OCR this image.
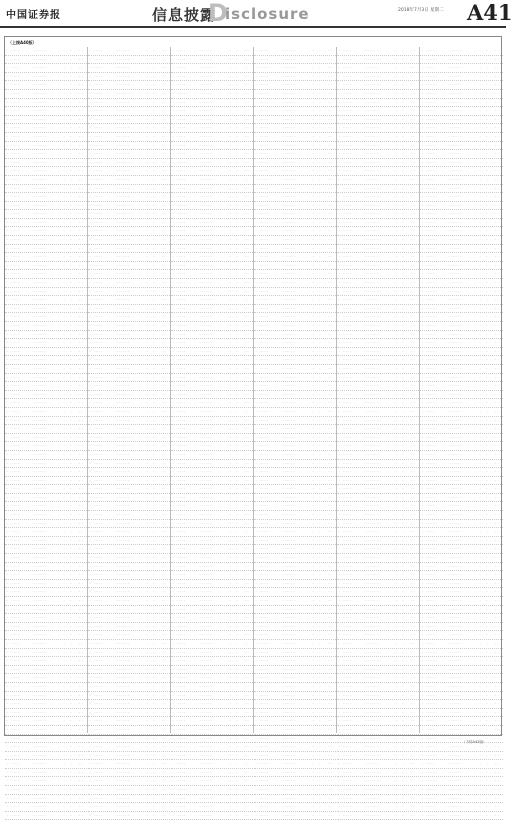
中国证券报	信息披露
D
isclosure	2018年7月3日 星期二 A41
（上接A40版）
··	·· ·· ·· ··	·· ·· ·· ·· ·· ··	··	··	·· ··
··	·· ·· ·· ··	·· ·· ·· ·· ·· ··	··	··	·· ··
··	·· ·· ·· ··	·· ·· ·· ·· ·· ··	··	··	·· ··
··	·· ·· ·· ··	·· ·· ·· ·· ·· ··	··	··	·· ··
··	·· ·· ·· ··	·· ·· ·· ·· ·· ··	··	··	·· ··
··	·· ·· ·· ··	·· ·· ·· ·· ·· ··	··	··	·· ··
··	·· ·· ·· ··	·· ·· ·· ·· ·· ··	··	··	·· ··
··	·· ·· ·· ··	·· ·· ·· ·· ·· ··	··	··	·· ··
··	·· ·· ·· ··	·· ·· ·· ·· ·· ··	··	··	·· ··
··	·· ·· ·· ··	·· ·· ·· ·· ·· ··	··	··	·· ··
··	·· ·· ·· ··	·· ·· ·· ·· ·· ··	··	··	·· ··
··	·· ·· ·· ··	·· ·· ·· ·· ·· ··	··	··	·· ··
··	·· ·· ·· ··	·· ·· ·· ·· ·· ··	··	··	·· ··
··	·· ·· ·· ··	·· ·· ·· ·· ·· ··	··	··	·· ··
··	·· ·· ·· ··	·· ·· ·· ·· ·· ··	··	··	·· ··
··	·· ·· ·· ··	·· ·· ·· ·· ·· ··	··	··	·· ··
··	·· ·· ·· ··	·· ·· ·· ·· ·· ··	··	··	·· ··
··	·· ·· ·· ··	·· ·· ·· ·· ·· ··	··	··	·· ··
··	·· ·· ·· ··	·· ·· ·· ·· ·· ··	··	··	·· ··
··	·· ·· ·· ··	·· ·· ·· ·· ·· ··	··	··	·· ··
··	·· ·· ·· ··	·· ·· ·· ·· ·· ··	··	··	·· ··
··	·· ·· ·· ··	·· ·· ·· ·· ·· ··	··	··	·· ··
··	·· ·· ·· ··	·· ·· ·· ·· ·· ··	··	··	·· ··
··	·· ·· ·· ··	·· ·· ·· ·· ·· ··	··	··	·· ··
··	·· ·· ·· ··	·· ·· ·· ·· ·· ··	··	··	·· ··
··	·· ·· ·· ··	·· ·· ·· ·· ·· ··	··	··	·· ··
··	·· ·· ·· ··	·· ·· ·· ·· ·· ··	··	··	·· ··
··	·· ·· ·· ··	·· ·· ·· ·· ·· ··	··	··	·· ··
··	·· ·· ·· ··	·· ·· ·· ·· ·· ··	··	··	·· ··
··	·· ·· ·· ··	·· ·· ·· ·· ·· ··	··	··	·· ··
··	·· ·· ·· ··	·· ·· ·· ·· ·· ··	··	··	·· ··
··	·· ·· ·· ··	·· ·· ·· ·· ·· ··	··	··	·· ··
··	·· ·· ·· ··	·· ·· ·· ·· ·· ··	··	··	·· ··
··	·· ·· ·· ··	·· ·· ·· ·· ·· ··	··	··	·· ··
··	·· ·· ·· ··	·· ·· ·· ·· ·· ··	··	··	·· ··
··	·· ·· ·· ··	·· ·· ·· ·· ·· ··	··	··	·· ··
··	·· ·· ·· ··	·· ·· ·· ·· ·· ··	··	··	·· ··
··	·· ·· ·· ··	·· ·· ·· ·· ·· ··	··	··	·· ··
··	·· ·· ·· ··	·· ·· ·· ·· ·· ··	··	··	·· ··
··	·· ·· ·· ··	·· ·· ·· ·· ·· ··	··	··	·· ··
··	·· ·· ·· ··	·· ·· ·· ·· ·· ··	··	··	·· ··
··	·· ·· ·· ··	·· ·· ·· ·· ·· ··	··	··	·· ··
··	·· ·· ·· ··	·· ·· ·· ·· ·· ··	··	··	·· ··
··	·· ·· ·· ··	·· ·· ·· ·· ·· ··	··	··	·· ··
··	·· ·· ·· ··	·· ·· ·· ·· ·· ··	··	··	·· ··
··	·· ·· ·· ··	·· ·· ·· ·· ·· ··	··	··	·· ··
··	·· ·· ·· ··	·· ·· ·· ·· ·· ··	··	··	·· ··
··	·· ·· ·· ··	·· ·· ·· ·· ·· ··	··	··	·· ··
··	·· ·· ·· ··	·· ·· ·· ·· ·· ··	··	··	·· ··
··	·· ·· ·· ··	·· ·· ·· ·· ·· ··	··	··	·· ··
··	·· ·· ·· ··	·· ·· ·· ·· ·· ··	··	··	·· ··
··	·· ·· ·· ··	·· ·· ·· ·· ·· ··	··	··	·· ··
··	·· ·· ·· ··	·· ·· ·· ·· ·· ··	··	··	·· ··
··	·· ·· ·· ··	·· ·· ·· ·· ·· ··	··	··	·· ··
··	·· ·· ·· ··	·· ·· ·· ·· ·· ··	··	··	·· ··
··	·· ·· ·· ··	·· ·· ·· ·· ·· ··	··	··	·· ··
··	·· ·· ·· ··	·· ·· ·· ·· ·· ··	··	··	·· ··
··	·· ·· ·· ··	·· ·· ·· ·· ·· ··	··	··	·· ··
··	·· ·· ·· ··	·· ·· ·· ·· ·· ··	··	··	·· ··
··	·· ·· ·· ··	·· ·· ·· ·· ·· ··	··	··	·· ··
··	·· ·· ·· ··	·· ·· ·· ·· ·· ··	··	··	·· ··
··	·· ·· ·· ··	·· ·· ·· ·· ·· ··	··	··	·· ··
··	·· ·· ·· ··	·· ·· ·· ·· ·· ··	··	··	·· ··
··	·· ·· ·· ··	·· ·· ·· ·· ·· ··	··	··	·· ··
··	·· ·· ·· ··	·· ·· ·· ·· ·· ··	··	··	·· ··
··	·· ·· ·· ··	·· ·· ·· ·· ·· ··	··	··	·· ··
··	·· ·· ·· ··	·· ·· ·· ·· ·· ··	··	··	·· ··
··	·· ·· ·· ··	·· ·· ·· ·· ·· ··	··	··	·· ··
··	·· ·· ·· ··	·· ·· ·· ·· ·· ··	··	··	·· ··
··	·· ·· ·· ··	·· ·· ·· ·· ·· ··	··	··	·· ··
··	·· ·· ·· ··	·· ·· ·· ·· ·· ··	··	··	·· ··
··	·· ·· ·· ··	·· ·· ·· ·· ·· ··	··	··	·· ··
··	·· ·· ·· ··	·· ·· ·· ·· ·· ··	··	··	·· ··
··	·· ·· ·· ··	·· ·· ·· ·· ·· ··	··	··	·· ··
··	·· ·· ·· ··	·· ·· ·· ·· ·· ··	··	··	·· ··
··	·· ·· ·· ··	·· ·· ·· ·· ·· ··	··	··	·· ··
··	·· ·· ·· ··	·· ·· ·· ·· ·· ··	··	··	·· ··
··	·· ·· ·· ··	·· ·· ·· ·· ·· ··	··	··	·· ··
··	·· ·· ·· ··	·· ·· ·· ·· ·· ··	··	··	·· ··
··	·· ·· ·· ··	·· ·· ·· ·· ·· ··	··	··	·· ··
··	·· ·· ·· ··	·· ·· ·· ·· ·· ··	··	··	·· ··
··	·· ·· ·· ··	·· ·· ·· ·· ·· ··	··	··	·· ··
··	·· ·· ·· ··	·· ·· ·· ·· ·· ··	··	··	·· ··
··	·· ·· ·· ··	·· ·· ·· ·· ·· ··	··	··	·· ··
··	·· ·· ·· ··	·· ·· ·· ·· ·· ··	··	··	·· ··
··	·· ·· ·· ··	·· ·· ·· ·· ·· ··	··	··	·· ··
··	·· ·· ·· ··	·· ·· ·· ·· ·· ··	··	··	·· ··
··	·· ·· ·· ··	·· ·· ·· ·· ·· ··	··	··	·· ··
··	·· ·· ·· ··	·· ·· ·· ·· ·· ··	··	··	·· ··
··	·· ·· ·· ··	·· ·· ·· ·· ·· ··	··	··	·· ··
··	·· ·· ·· ··	·· ·· ·· ·· ·· ··	··	··	·· ··
··	·· ·· ·· ··	·· ·· ·· ·· ·· ··	··	··	·· ··
··	·· ·· ·· ··	·· ·· ·· ·· ·· ··	··	··	·· ··
··	·· ·· ·· ··	·· ·· ·· ·· ·· ··	··	··	·· ··
··	·· ·· ·· ··	·· ·· ·· ·· ·· ··	··	··	·· ··
··	·· ·· ·· ··	·· ·· ·· ·· ·· ··	··	··	·· ··
··	·· ·· ·· ··	·· ·· ·· ·· ·· ··	··	··	·· ··
··	·· ·· ·· ··	·· ·· ·· ·· ·· ··	··	··	·· ··
··	·· ·· ·· ··	·· ·· ·· ·· ·· ··	··	··	·· ··
··	·· ·· ·· ··	·· ·· ·· ·· ·· ··	··	··	·· ··
··	·· ·· ·· ··	·· ·· ·· ·· ·· ··	··	··	·· ··
··	·· ·· ·· ··	·· ·· ·· ·· ·· ··	··	··	·· ··
··	·· ·· ·· ··	·· ·· ·· ·· ·· ··	··	··	·· ··
··	·· ·· ·· ··	·· ·· ·· ·· ·· ··	··	··	·· ··
··	·· ·· ·· ··	·· ·· ·· ·· ·· ··	··	··	·· ··
··	·· ·· ·· ··	·· ·· ·· ·· ·· ··	··	··	·· ··
··	·· ·· ·· ··	·· ·· ·· ·· ·· ··	··	··	·· ··
··	·· ·· ·· ··	·· ·· ·· ·· ·· ··	··	··	·· ··
··	·· ·· ·· ··	·· ·· ·· ·· ·· ··	··	··	·· ··
··	·· ·· ·· ··	·· ·· ·· ·· ·· ··	··	··	·· ··
··	·· ·· ·· ··	·· ·· ·· ·· ·· ··	··	··	·· ··
··	·· ·· ·· ··	·· ·· ·· ·· ·· ··	··	··	·· ··
··	·· ·· ·· ··	·· ·· ·· ·· ·· ··	··	··	·· ··
··	·· ·· ·· ··	·· ·· ·· ·· ·· ··	··	··	·· ··
··	·· ·· ·· ··	·· ·· ·· ·· ·· ··	··	··	·· ··
··	·· ·· ·· ··	·· ·· ·· ·· ·· ··	··	··	·· ··
··	·· ·· ·· ··	·· ·· ·· ·· ·· ··	··	··	·· ··
··	·· ·· ·· ··	·· ·· ·· ·· ·· ··	··	··	·· ··
··	·· ·· ·· ··	·· ·· ·· ·· ·· ··	··	··	·· ··
··	·· ·· ·· ··	·· ·· ·· ·· ·· ··	··	··	·· ··
··	·· ·· ·· ··	·· ·· ·· ·· ·· ··	··	··	·· ··
··	·· ·· ·· ··	·· ·· ·· ·· ·· ··	··	··	·· ··
··	·· ·· ·· ··	·· ·· ·· ·· ·· ··	··	··	·· ··
··	·· ·· ·· ··	·· ·· ·· ·· ·· ··	··	··	·· ··
··	·· ·· ·· ··	·· ·· ·· ·· ·· ··	··	··	·· ··
··	·· ·· ·· ··	·· ·· ·· ·· ·· ··	··	··	·· ··
··	·· ·· ·· ··	·· ·· ·· ·· ·· ··	··	··	·· ··
··	·· ·· ·· ··	·· ·· ·· ·· ·· ··	··	··	·· ··
··	·· ·· ·· ··	·· ·· ·· ·· ·· ··	··	··	·· ··
··	·· ·· ·· ··	·· ·· ·· ·· ·· ··	··	··	·· ··
··	·· ·· ·· ··	·· ·· ·· ·· ·· ··	··	··	·· ··
··	·· ·· ·· ··	·· ·· ·· ·· ·· ··	··	··	·· ··
··	·· ·· ·· ··	·· ·· ·· ·· ·· ··	··	··	·· ··
··	·· ·· ·· ··	·· ·· ·· ·· ·· ··	··	··	·· ··
··	·· ·· ·· ··	·· ·· ·· ·· ·· ··	··	··	·· ··
··	·· ·· ·· ··	·· ·· ·· ·· ·· ··	··	··	·· ··
··	·· ·· ·· ··	·· ·· ·· ·· ·· ··	··	··	·· ··
··	·· ·· ·· ··	·· ·· ·· ·· ·· ··	··	··	·· ··
··	·· ·· ·· ··	·· ·· ·· ·· ·· ··	··	··	·· ··
··	·· ·· ·· ··	·· ·· ·· ·· ·· ··	··	··	·· ··
··	·· ·· ·· ··	·· ·· ·· ·· ·· ··	··	··	·· ··
··	·· ·· ·· ··	·· ·· ·· ·· ·· ··	··	··	·· ··
··	·· ·· ·· ··	·· ·· ·· ·· ·· ··	··	··	·· ··
··	·· ·· ·· ··	·· ·· ·· ·· ·· ··	··	··	·· ··
··	·· ·· ·· ··	·· ·· ·· ·· ·· ··	··	··	·· ··
··	·· ·· ·· ··	·· ·· ·· ·· ·· ··	··	··	·· ··
··	·· ·· ·· ··	·· ·· ·· ·· ·· ··	··	··	·· ··
··	·· ·· ·· ··	·· ·· ·· ·· ·· ··	··	··	·· ··
··	·· ·· ·· ··	·· ·· ·· ·· ·· ··	··	··	·· ··
··	·· ·· ·· ··	·· ·· ·· ·· ·· ··	··	··	·· ··
··	·· ·· ·· ··	·· ·· ·· ·· ·· ··	··	··	·· ··
··	·· ·· ·· ··	·· ·· ·· ·· ·· ··	··	··	·· ··
··	·· ·· ·· ··	·· ·· ·· ·· ·· ··	··	··	·· ··
··	·· ·· ·· ··	·· ·· ·· ·· ·· ··	··	··	·· ··
··	·· ·· ·· ··	·· ·· ·· ·· ·· ··	··	··	·· ··
··	·· ·· ·· ··	·· ·· ·· ·· ·· ··	··	··	·· ··
··	·· ·· ·· ··	·· ·· ·· ·· ·· ··	··	··	·· ··
··	·· ·· ·· ··	·· ·· ·· ·· ·· ··	··	··	·· ··
··	·· ·· ·· ··	·· ·· ·· ·· ·· ··	··	··	·· ··
··	·· ·· ·· ··	·· ·· ·· ·· ·· ··	··	··	·· ··
··	·· ·· ·· ··	·· ·· ·· ·· ·· ··	··	··	·· ··
··	·· ·· ·· ··	·· ·· ·· ·· ·· ··	··	··	·· ··
··	·· ·· ·· ··	·· ·· ·· ·· ·· ··	··	··	·· ··
··	·· ·· ·· ··	·· ·· ·· ·· ·· ··	··	··	·· ··
··	·· ·· ·· ··	·· ·· ·· ·· ·· ··	··	··	·· ··
··	·· ·· ·· ··	·· ·· ·· ·· ·· ··	··	··	·· ··
··	·· ·· ·· ··	·· ·· ·· ·· ·· ··	··	··	·· ··
··	·· ·· ·· ··	·· ·· ·· ·· ·· ··	··	··	·· ··
··	·· ·· ·· ··	·· ·· ·· ·· ·· ··	··	··	·· ··
··	·· ·· ·· ··	·· ·· ·· ·· ·· ··	··	··	·· ··
··	·· ·· ·· ··	·· ·· ·· ·· ·· ··	··	··	·· ··
··	·· ·· ·· ··	·· ·· ·· ·· ·· ··	··	··	·· ··
··	·· ·· ·· ··	·· ·· ·· ·· ·· ··	··	··	·· ··
··	·· ·· ·· ··	·· ·· ·· ·· ·· ··	··	··	·· ··
··	·· ·· ·· ··	·· ·· ·· ·· ·· ··	··	··	·· ··
··	·· ·· ·· ··	·· ·· ·· ·· ·· ··	··	··	·· ··
··	·· ·· ·· ··	·· ·· ·· ·· ·· ··	··	··	·· ··
··	·· ·· ·· ··	·· ·· ·· ·· ·· ··	··	··	·· ··
··	·· ·· ·· ··	·· ·· ·· ·· ·· ··	··	··	·· ··
··	·· ·· ·· ··	·· ·· ·· ·· ·· ··	··	··	·· ··
··	·· ·· ·· ··	·· ·· ·· ·· ·· ··	··	··	·· ··
··	·· ·· ·· ··	·· ·· ·· ·· ·· ··	··	··	·· ··
··	·· ·· ·· ··	·· ·· ·· ·· ·· ··	··	··	·· ··
··	·· ·· ·· ··	·· ·· ·· ·· ·· ··	··	··	·· ··
··	·· ·· ·· ··	·· ·· ·· ·· ·· ··	··	··	·· ··
··	·· ·· ·· ··	·· ·· ·· ·· ·· ··	··	··	·· ··
··	·· ·· ·· ··	·· ·· ·· ·· ·· ··	··	··	·· ··
··	·· ·· ·· ··	·· ·· ·· ·· ·· ··	··	··	·· ··
··	·· ·· ·· ··	·· ·· ·· ·· ·· ··	··	··	·· ··
··	·· ·· ·· ··	·· ·· ·· ·· ·· ··	··	··	·· ··
··	·· ·· ·· ··	·· ·· ·· ·· ·· ··	··	··	·· ··
··	·· ·· ·· ··	·· ·· ·· ·· ·· ··	··	··	·· ··
··	·· ·· ·· ··	·· ·· ·· ·· ·· ··	··	··	·· ··
··	·· ·· ·· ··	·· ·· ·· ·· ·· ··	··	··	·· ··
··	·· ·· ·· ··	·· ·· ·· ·· ·· ··	··	··	·· ··
··	·· ·· ·· ··	·· ·· ·· ·· ·· ··	··	··	·· ··
··	·· ·· ·· ··	·· ·· ·· ·· ·· ··	··	··	·· ··
··	·· ·· ·· ··	·· ·· ·· ·· ·· ··	··	··	·· ··
··	·· ·· ·· ··	·· ·· ·· ·· ·· ··	··	··	·· ··
··	·· ·· ·· ··	·· ·· ·· ·· ·· ··	··	··	·· ··
··	·· ·· ·· ··	·· ·· ·· ·· ·· ··	··	··	·· ··
··	·· ·· ·· ··	·· ·· ·· ·· ·· ··	··	··	·· ··
··	·· ·· ·· ··	·· ·· ·· ·· ·· ··	··	··	·· ··
··	·· ·· ·· ··	·· ·· ·· ·· ·· ··	··	··	·· ··
··	·· ·· ·· ··	·· ·· ·· ·· ·· ··	··	··	·· ··
··	·· ·· ·· ··	·· ·· ·· ·· ·· ··	··	··	·· ··
··	·· ·· ·· ··	·· ·· ·· ·· ·· ··	··	··	·· ··
··	·· ·· ·· ··	·· ·· ·· ·· ·· ··	··	··	·· ··
··	·· ·· ·· ··	·· ·· ·· ·· ·· ··	··	··	·· ··
··	·· ·· ·· ··	·· ·· ·· ·· ·· ··	··	··	·· ··
··	·· ·· ·· ··	·· ·· ·· ·· ·· ··	··	··	·· ··
··	·· ·· ·· ··	·· ·· ·· ·· ·· ··	··	··	·· ··
··	·· ·· ·· ··	·· ·· ·· ·· ·· ··	··	··	·· ··
··	·· ·· ·· ··	·· ·· ·· ·· ·· ··	··	··	·· ··
··	·· ·· ·· ··	·· ·· ·· ·· ·· ··	··	··	·· ··
··	·· ·· ·· ··	·· ·· ·· ·· ·· ··	··	··	·· ··
··	·· ·· ·· ··	·· ·· ·· ·· ·· ··	··	··	·· ··
··	·· ·· ·· ··	·· ·· ·· ·· ·· ··	··	··	·· ··
··	·· ·· ·· ··	·· ·· ·· ·· ·· ··	··	··	·· ··
··	·· ·· ·· ··	·· ·· ·· ·· ·· ··	··	··	·· ··
··	·· ·· ·· ··	·· ·· ·· ·· ·· ··	··	··	·· ··
··	·· ·· ·· ··	·· ·· ·· ·· ·· ··	··	··	·· ··
··	·· ·· ·· ··	·· ·· ·· ·· ·· ··	··	··	·· ··
··	·· ·· ·· ··	·· ·· ·· ·· ·· ··	··	··	·· ··
··	·· ·· ·· ··	·· ·· ·· ·· ·· ··	··	··	·· ··
··	·· ·· ·· ··	·· ·· ·· ·· ·· ··	··	··	·· ··
··	·· ·· ·· ··	·· ·· ·· ·· ·· ··	··	··	·· ··
··	·· ·· ·· ··	·· ·· ·· ·· ·· ··	··	··	·· ··
··	·· ·· ·· ··	·· ·· ·· ·· ·· ··	··	··	·· ··
··	·· ·· ·· ··	·· ·· ·· ·· ·· ··	··	··	·· ··
··	·· ·· ·· ··	·· ·· ·· ·· ·· ··	··	··	·· ··
··	·· ·· ·· ··	·· ·· ·· ·· ·· ··	··	··	·· ··
··	·· ·· ·· ··	·· ·· ·· ·· ·· ··	··	··	·· ··
··	·· ·· ·· ··	·· ·· ·· ·· ·· ··	··	··	·· ··
··	·· ·· ·· ··	·· ·· ·· ·· ·· ··	··	··	·· ··
··	·· ·· ·· ··	·· ·· ·· ·· ·· ··	··	··	·· ··
··	·· ·· ·· ··	·· ·· ·· ·· ·· ··	··	··	·· ··
··	·· ·· ·· ··	·· ·· ·· ·· ·· ··	··	··	·· ··
··	·· ·· ·· ··	·· ·· ·· ·· ·· ··	··	··	·· ··
··	·· ·· ·· ··	·· ·· ·· ·· ·· ··	··	··	·· ··
··	·· ·· ·· ··	·· ·· ·· ·· ·· ··	··	··	·· ··
··	·· ·· ·· ··	·· ·· ·· ·· ·· ··	··	··	·· ··
··	·· ·· ·· ··	·· ·· ·· ·· ·· ··	··	··	·· ··
··	·· ·· ·· ··	·· ·· ·· ·· ·· ··	··	··	·· ··
··	·· ·· ·· ··	·· ·· ·· ·· ·· ··	··	··	·· ··
··	·· ·· ·· ··	·· ·· ·· ·· ·· ··	··	··	·· ··
··	·· ·· ·· ··	·· ·· ·· ·· ·· ··	··	··	·· ··
··	·· ·· ·· ··	·· ·· ·· ·· ·· ··	··	··	·· ··
··	·· ·· ·· ··	·· ·· ·· ·· ·· ··	··	··	·· ··
··	·· ·· ·· ··	·· ·· ·· ·· ·· ··	··	··	·· ··
··	·· ·· ·· ··	·· ·· ·· ·· ·· ··	··	··	·· ··
··	·· ·· ·· ··	·· ·· ·· ·· ·· ··	··	··	·· ··
··	·· ·· ·· ··	·· ·· ·· ·· ·· ··	··	··	·· ··
··	·· ·· ·· ··	·· ·· ·· ·· ·· ··	··	··	·· ··
··	·· ·· ·· ··	·· ·· ·· ·· ·· ··	··	··	·· ··
··	·· ·· ·· ··	·· ·· ·· ·· ·· ··	··	··	·· ··
··	·· ·· ·· ··	·· ·· ·· ·· ·· ··	··	··	·· ··
··	·· ·· ·· ··	·· ·· ·· ·· ·· ··	··	··	·· ··
··	·· ·· ·· ··	·· ·· ·· ·· ·· ··	··	··	·· ··
··	·· ·· ·· ··	·· ·· ·· ·· ·· ··	··	··	·· ··
··	·· ·· ·· ··	·· ·· ·· ·· ·· ··	··	··	·· ··
··	·· ·· ·· ··	·· ·· ·· ·· ·· ··	··	··	·· ··
··	·· ·· ·· ··	·· ·· ·· ·· ·· ··	··	··	·· ··
··	·· ·· ·· ··	·· ·· ·· ·· ·· ··	··	··	·· ··
··	·· ·· ·· ··	·· ·· ·· ·· ·· ··	··	··	·· ··
··	·· ·· ·· ··	·· ·· ·· ·· ·· ··	··	··	·· ··
··	·· ·· ·· ··	·· ·· ·· ·· ·· ··	··	··	·· ··
··	·· ·· ·· ··	·· ·· ·· ·· ·· ··	··	··	·· ··
··	·· ·· ·· ··	·· ·· ·· ·· ·· ··	··	··	·· ··
··	·· ·· ·· ··	·· ·· ·· ·· ·· ··	··	··	·· ··
··	·· ·· ·· ··	·· ·· ·· ·· ·· ··	··	··	·· ··
··	·· ·· ·· ··	·· ·· ·· ·· ·· ··	··	··	·· ··
··	·· ·· ·· ··	·· ·· ·· ·· ·· ··	··	··	·· ··
··	·· ·· ·· ··	·· ·· ·· ·· ·· ··	··	··	·· ··
··	·· ·· ·· ··	·· ·· ·· ·· ·· ··	··	··	·· ··
··	·· ·· ·· ··	·· ·· ·· ·· ·· ··	··	··	·· ··
··	·· ·· ·· ··	·· ·· ·· ·· ·· ··	··	··	·· ··
··	·· ·· ·· ··	·· ·· ·· ·· ·· ··	··	··	·· ··
··	·· ·· ·· ··	·· ·· ·· ·· ·· ··	··	··	·· ··
··	·· ·· ·· ··	·· ·· ·· ·· ·· ··	··	··	·· ··
··	·· ·· ·· ··	·· ·· ·· ·· ·· ··	··	··	·· ··
··	·· ·· ·· ··	·· ·· ·· ·· ·· ··	··	··	·· ··
··	·· ·· ·· ··	·· ·· ·· ·· ·· ··	··	··	·· ··
··	·· ·· ·· ··	·· ·· ·· ·· ·· ··	··	··	·· ··
··	·· ·· ·· ··	·· ·· ·· ·· ·· ··	··	··	·· ··
··	·· ·· ·· ··	·· ·· ·· ·· ·· ··	··	··	·· ··
··	·· ·· ·· ··	·· ·· ·· ·· ·· ··	··	··	·· ··
··	·· ·· ·· ··	·· ·· ·· ·· ·· ··	··	··	·· ··
··	·· ·· ·· ··	·· ·· ·· ·· ·· ··	··	··	·· ··
··	·· ·· ·· ··	·· ·· ·· ·· ·· ··	··	··	·· ··
··	·· ·· ·· ··	·· ·· ·· ·· ·· ··	··	··	·· ··
··	·· ·· ·· ··	·· ·· ·· ·· ·· ··	··	··	·· ··
··	·· ·· ·· ··	·· ·· ·· ·· ·· ··	··	··	·· ··
··	·· ·· ·· ··	·· ·· ·· ·· ·· ··	··	··	·· ··
··	·· ·· ·· ··	·· ·· ·· ·· ·· ··	··	··	·· ··
··	·· ·· ·· ··	·· ·· ·· ·· ·· ··	··	··	·· ··
··	·· ·· ·· ··	·· ·· ·· ·· ·· ··	··	··	·· ··
··	·· ·· ·· ··	·· ·· ·· ·· ·· ··	··	··	·· ··
··	·· ·· ·· ··	·· ·· ·· ·· ·· ··	··	··	·· ··
··	·· ·· ·· ··	·· ·· ·· ·· ·· ··	··	··	·· ··
··	·· ·· ·· ··	·· ·· ·· ·· ·· ··	··	··	·· ··
··	·· ·· ·· ··	·· ·· ·· ·· ·· ··	··	··	·· ··
··	·· ·· ·· ··	·· ·· ·· ·· ·· ··	··	··	·· ··
··	·· ·· ·· ··	·· ·· ·· ·· ·· ··	··	··	·· ··
··	·· ·· ·· ··	·· ·· ·· ·· ·· ··	··	··	·· ··
··	·· ·· ·· ··	·· ·· ·· ·· ·· ··	··	··	·· ··
··	·· ·· ·· ··	·· ·· ·· ·· ·· ··	··	··	·· ··
··	·· ·· ·· ··	·· ·· ·· ·· ·· ··	··	··	·· ··
··	·· ·· ·· ··	·· ·· ·· ·· ·· ··	··	··	·· ··
··	·· ·· ·· ··	·· ·· ·· ·· ·· ··	··	··	·· ··
··	·· ·· ·· ··	·· ·· ·· ·· ·· ··	··	··	·· ··
··	·· ·· ·· ··	·· ·· ·· ·· ·· ··	··	··	·· ··
··	·· ·· ·· ··	·· ·· ·· ·· ·· ··	··	··	·· ··
··	·· ·· ·· ··	·· ·· ·· ·· ·· ··	··	··	·· ··
··	·· ·· ·· ··	·· ·· ·· ·· ·· ··	··	··	·· ··
··	·· ·· ·· ··	·· ·· ·· ·· ·· ··	··	··	·· ··
··	·· ·· ·· ··	·· ·· ·· ·· ·· ··	··	··	·· ··
··	·· ·· ·· ··	·· ·· ·· ·· ·· ··	··	··	·· ··
··	·· ·· ·· ··	·· ·· ·· ·· ·· ··	··	··	·· ··
··	·· ·· ·· ··	·· ·· ·· ·· ·· ··	··	··	·· ··
··	·· ·· ·· ··	·· ·· ·· ·· ·· ··	··	··	·· ··
··	·· ·· ·· ··	·· ·· ·· ·· ·· ··	··	··	·· ··
··	·· ·· ·· ··	·· ·· ·· ·· ·· ··	··	··	·· ··
··	·· ·· ·· ··	·· ·· ·· ·· ·· ··	··	··	·· ··
··	·· ·· ·· ··	·· ·· ·· ·· ·· ··	··	··	·· ··
··	·· ·· ·· ··	·· ·· ·· ·· ·· ··	··	··	·· ··
··	·· ·· ·· ··	·· ·· ·· ·· ·· ··	··	··	·· ··
··	·· ·· ·· ··	·· ·· ·· ·· ·· ··	··	··	·· ··
··	·· ·· ·· ··	·· ·· ·· ·· ·· ··	··	··	·· ··
··	·· ·· ·· ··	·· ·· ·· ·· ·· ··	··	··	·· ··
··	·· ·· ·· ··	·· ·· ·· ·· ·· ··	··	··	·· ··
··	·· ·· ·· ··	·· ·· ·· ·· ·· ··	··	··	·· ··
··	·· ·· ·· ··	·· ·· ·· ·· ·· ··	··	··	·· ··
··	·· ·· ·· ··	·· ·· ·· ·· ·· ··	··	··	·· ··
··	·· ·· ·· ··	·· ·· ·· ·· ·· ··	··	··	·· ··
··	·· ·· ·· ··	·· ·· ·· ·· ·· ··	··	··	·· ··
··	·· ·· ·· ··	·· ·· ·· ·· ·· ··	··	··	·· ··
··	·· ·· ·· ··	·· ·· ·· ·· ·· ··	··	··	·· ··
··	·· ·· ·· ··	·· ·· ·· ·· ·· ··	··	··	·· ··
··	·· ·· ·· ··	·· ·· ·· ·· ·· ··	··	··	·· ··
··	·· ·· ·· ··	·· ·· ·· ·· ·· ··	··	··	·· ··
··	·· ·· ·· ··	·· ·· ·· ·· ·· ··	··	··	·· ··
··	·· ·· ·· ··	·· ·· ·· ·· ·· ··	··	··	·· ··
··	·· ·· ·· ··	·· ·· ·· ·· ·· ··	··	··	·· ··
··	·· ·· ·· ··	·· ·· ·· ·· ·· ··	··	··	·· ··
··	·· ·· ·· ··	·· ·· ·· ·· ·· ··	··	··	·· ··
··	·· ·· ·· ··	·· ·· ·· ·· ·· ··	··	··	·· ··
··	·· ·· ·· ··	·· ·· ·· ·· ·· ··	··	··	·· ··
··	·· ·· ·· ··	·· ·· ·· ·· ·· ··	··	··	·· ··
··	·· ·· ·· ··	·· ·· ·· ·· ·· ··	··	··	·· ··
··	·· ·· ·· ··	·· ·· ·· ·· ·· ··	··	··	·· ··
··	·· ·· ·· ··	·· ·· ·· ·· ·· ··	··	··	·· ··
··	·· ·· ·· ··	·· ·· ·· ·· ·· ··	··	··	·· ··
··	·· ·· ·· ··	·· ·· ·· ·· ·· ··	··	··	·· ··
··	·· ·· ·· ··	·· ·· ·· ·· ·· ··	··	··	·· ··
··	·· ·· ·· ··	·· ·· ·· ·· ·· ··	··	··	·· ··
··	·· ·· ·· ··	·· ·· ·· ·· ·· ··	··	··	·· ··
··	·· ·· ·· ··	·· ·· ·· ·· ·· ··	··	··	·· ··
··	·· ·· ·· ··	·· ·· ·· ·· ·· ··	··	··	·· ··
··	·· ·· ·· ··	·· ·· ·· ·· ·· ··	··	··	·· ··
··	·· ·· ·· ··	·· ·· ·· ·· ·· ··	··	··	·· ··
··	·· ·· ·· ··	·· ·· ·· ·· ·· ··	··	··	·· ··
··	·· ·· ·· ··	·· ·· ·· ·· ·· ··	··	··	·· ··
··	·· ·· ·· ··	·· ·· ·· ·· ·· ··	··	··	·· ··
··	·· ·· ·· ··	·· ·· ·· ·· ·· ··	··	··	·· ··
··	·· ·· ·· ··	·· ·· ·· ·· ·· ··	··	··	·· ··
··	·· ·· ·· ··	·· ·· ·· ·· ·· ··	··	··	·· ··
··	·· ·· ·· ··	·· ·· ·· ·· ·· ··	··	··	·· ··
··	·· ·· ·· ··	·· ·· ·· ·· ·· ··	··	··	·· ··
··	·· ·· ·· ··	·· ·· ·· ·· ·· ··	··	··	·· ··
··	·· ·· ·· ··	·· ·· ·· ·· ·· ··	··	··	·· ··
··	·· ·· ·· ··	·· ·· ·· ·· ·· ··	··	··	·· ··
··	·· ·· ·· ··	·· ·· ·· ·· ·· ··	··	··	·· ··
··	·· ·· ·· ··	·· ·· ·· ·· ·· ··	··	··	·· ··
··	·· ·· ·· ··	·· ·· ·· ·· ·· ··	··	··	·· ··
··	·· ·· ·· ··	·· ·· ·· ·· ·· ··	··	··	·· ··
··	·· ·· ·· ··	·· ·· ·· ·· ·· ··	··	··	·· ··
··	·· ·· ·· ··	·· ·· ·· ·· ·· ··	··	··	·· ··
··	·· ·· ·· ··	·· ·· ·· ·· ·· ··	··	··	·· ··
··	·· ·· ·· ··	·· ·· ·· ·· ·· ··	··	··	·· ··
··	·· ·· ·· ··	·· ·· ·· ·· ·· ··	··	··	·· ··
··	·· ·· ·· ··	·· ·· ·· ·· ·· ··	··	··	·· ··
··	·· ·· ·· ··	·· ·· ·· ·· ·· ··	··	··	·· ··
··	·· ·· ·· ··	·· ·· ·· ·· ·· ··	··	··	·· ··
··	·· ·· ·· ··	·· ·· ·· ·· ·· ··	··	··	·· ··
··	·· ·· ·· ··	·· ·· ·· ·· ·· ··	··	··	·· ··
··	·· ·· ·· ··	·· ·· ·· ·· ·· ··	··	··	·· ··
··	·· ·· ·· ··	·· ·· ·· ·· ·· ··	··	··	·· ··
··	·· ·· ·· ··	·· ·· ·· ·· ·· ··	··	··	·· ··
··	·· ·· ·· ··	·· ·· ·· ·· ·· ··	··	··	·· ··
··	·· ·· ·· ··	·· ·· ·· ·· ·· ··	··	··	·· ··
··	·· ·· ·· ··	·· ·· ·· ·· ·· ··	··	··	·· ··
··	·· ·· ·· ··	·· ·· ·· ·· ·· ··	··	··	·· ··
··	·· ·· ·· ··	·· ·· ·· ·· ·· ··	··	··	·· ··
··	·· ·· ·· ··	·· ·· ·· ·· ·· ··	··	··	·· ··
··	·· ·· ·· ··	·· ·· ·· ·· ·· ··	··	··	·· ··
··	·· ·· ·· ··	·· ·· ·· ·· ·· ··	··	··	·· ··
··	·· ·· ·· ··	·· ·· ·· ·· ·· ··	··	··	·· ··
··	·· ·· ·· ··	·· ·· ·· ·· ·· ··	··	··	·· ··
··	·· ·· ·· ··	·· ·· ·· ·· ·· ··	··	··	·· ··
··	·· ·· ·· ··	·· ·· ·· ·· ·· ··	··	··	·· ··
··	·· ·· ·· ··	·· ·· ·· ·· ·· ··	··	··	·· ··
··	·· ·· ·· ··	·· ·· ·· ·· ·· ··	··	··	·· ··
··	·· ·· ·· ··	·· ·· ·· ·· ·· ··	··	··	·· ··
··	·· ·· ·· ··	·· ·· ·· ·· ·· ··	··	··	·· ··
··	·· ·· ·· ··	·· ·· ·· ·· ·· ··	··	··	·· ··
··	·· ·· ·· ··	·· ·· ·· ·· ·· ··	··	··	·· ··
··	·· ·· ·· ··	·· ·· ·· ·· ·· ··	··	··	·· ··
··	·· ·· ·· ··	·· ·· ·· ·· ·· ··	··	··	·· ··
··	·· ·· ·· ··	·· ·· ·· ·· ·· ··	··	··	·· ··
··	·· ·· ·· ··	·· ·· ·· ·· ·· ··	··	··	·· ··
··	·· ·· ·· ··	·· ·· ·· ·· ·· ··	··	··	·· ··
··	·· ·· ·· ··	·· ·· ·· ·· ·· ··	··	··	·· ··
··	·· ·· ·· ··	·· ·· ·· ·· ·· ··	··	··	·· ··
··	·· ·· ·· ··	·· ·· ·· ·· ·· ··	··	··	·· ··
··	·· ·· ·· ··	·· ·· ·· ·· ·· ··	··	··	·· ··
··	·· ·· ·· ··	·· ·· ·· ·· ·· ··	··	··	·· ··
··	·· ·· ·· ··	·· ·· ·· ·· ·· ··	··	··	·· ··
··	·· ·· ·· ··	·· ·· ·· ·· ·· ··	··	··	·· ··
··	·· ·· ·· ··	·· ·· ·· ·· ·· ··	··	··	·· ··
··	·· ·· ·· ··	·· ·· ·· ·· ·· ··	··	··	·· ··
··	·· ·· ·· ··	·· ·· ·· ·· ·· ··	··	··	·· ··
··	·· ·· ·· ··	·· ·· ·· ·· ·· ··	··	··	·· ··
··	·· ·· ·· ··	·· ·· ·· ·· ·· ··	··	··	·· ··
··	·· ·· ·· ··	·· ·· ·· ·· ·· ··	··	··	·· ··
··	·· ·· ·· ··	·· ·· ·· ·· ·· ··	··	··	·· ··
··	·· ·· ·· ··	·· ·· ·· ·· ·· ··	··	··	·· ··
··	·· ·· ·· ··	·· ·· ·· ·· ·· ··	··	··	·· ··
··	·· ·· ·· ··	·· ·· ·· ·· ·· ··	··	··	·· ··
··	·· ·· ·· ··	·· ·· ·· ·· ·· ··	··	··	·· ··
··	·· ·· ·· ··	·· ·· ·· ·· ·· ··	··	··	·· ··
··	·· ·· ·· ··	·· ·· ·· ·· ·· ··	··	··	·· ··
··	·· ·· ·· ··	·· ·· ·· ·· ·· ··	··	··	·· ··
··	·· ·· ·· ··	·· ·· ·· ·· ·· ··	··	··	·· ··
··	·· ·· ·· ··	·· ·· ·· ·· ·· ··	··	··	·· ··
··	·· ·· ·· ··	·· ·· ·· ·· ·· ··	··	··	·· ··
··	·· ·· ·· ··	·· ·· ·· ·· ·· ··	··	··	·· ··
··	·· ·· ·· ··	·· ·· ·· ·· ·· ··	··	··	·· ··
··	·· ·· ·· ··	·· ·· ·· ·· ·· ··	··	··	·· ··
··	·· ·· ·· ··	·· ·· ·· ·· ·· ··	··	··	·· ··
··	·· ·· ·· ··	·· ·· ·· ·· ·· ··	··	··	·· ··
··	·· ·· ·· ··	·· ·· ·· ·· ·· ··	··	··	·· ··
··	·· ·· ·· ··	·· ·· ·· ·· ·· ··	··	··	·· ··
··	·· ·· ·· ··	·· ·· ·· ·· ·· ··	··	··	·· ··
··	·· ·· ·· ··	·· ·· ·· ·· ·· ··	··	··	·· ··
··	·· ·· ·· ··	·· ·· ·· ·· ·· ··	··	··	·· ··
··	·· ·· ·· ··	·· ·· ·· ·· ·· ··	··	··	·· ··
··	·· ·· ·· ··	·· ·· ·· ·· ·· ··	··	··	·· ··
··	·· ·· ·· ··	·· ·· ·· ·· ·· ··	··	··	·· ··
··	·· ·· ·· ··	·· ·· ·· ·· ·· ··	··	··	·· ··
··	·· ·· ·· ··	·· ·· ·· ·· ·· ··	··	··	·· ··
··	·· ·· ·· ··	·· ·· ·· ·· ·· ··	··	··	·· ··
··	·· ·· ·· ··	·· ·· ·· ·· ·· ··	··	··	·· ··
··	·· ·· ·· ··	·· ·· ·· ·· ·· ··	··	··	·· ··
··	·· ·· ·· ··	·· ·· ·· ·· ·· ··	··	··	·· ··
··	·· ·· ·· ··	·· ·· ·· ·· ·· ··	··	··	·· ··
··	·· ·· ·· ··	·· ·· ·· ·· ·· ··	··	··	·· ··
··	·· ·· ·· ··	·· ·· ·· ·· ·· ··	··	··	·· ··
··	·· ·· ·· ··	·· ·· ·· ·· ·· ··	··	··	·· ··
··	·· ·· ·· ··	·· ·· ·· ·· ·· ··	··	··	·· ··
··	·· ·· ·· ··	·· ·· ·· ·· ·· ··	··	··	·· ··
··	·· ·· ·· ··	·· ·· ·· ·· ·· ··	··	··	·· ··
··	·· ·· ·· ··	·· ·· ·· ·· ·· ··	··	··	·· ··
··	·· ·· ·· ··	·· ·· ·· ·· ·· ··	··	··	·· ··
··	·· ·· ·· ··	·· ·· ·· ·· ·· ··	··	··	·· ··
··	·· ·· ·· ··	·· ·· ·· ·· ·· ··	··	··	·· ··
··	·· ·· ·· ··	·· ·· ·· ·· ·· ··	··	··	·· ··
··	·· ·· ·· ··	·· ·· ·· ·· ·· ··	··	··	·· ··
··	·· ·· ·· ··	·· ·· ·· ·· ·· ··	··	··	·· ··
··	·· ·· ·· ··	·· ·· ·· ·· ·· ··	··	··	·· ··
··	·· ·· ·· ··	·· ·· ·· ·· ·· ··	··	··	·· ··
··	·· ·· ·· ··	·· ·· ·· ·· ·· ··	··	··	·· ··
··	·· ·· ·· ··	·· ·· ·· ·· ·· ··	··	··	·· ··
··	·· ·· ·· ··	·· ·· ·· ·· ·· ··	··	··	·· ··
··	·· ·· ·· ··	·· ·· ·· ·· ·· ··	··	··	·· ··
··	·· ·· ·· ··	·· ·· ·· ·· ·· ··	··	··	·· ··
··	·· ·· ·· ··	·· ·· ·· ·· ·· ··	··	··	·· ··
··	·· ·· ·· ··	·· ·· ·· ·· ·· ··	··	··	·· ··
··	·· ·· ·· ··	·· ·· ·· ·· ·· ··	··	··	·· ··
··	·· ·· ·· ··	·· ·· ·· ·· ·· ··	··	··	·· ··
··	·· ·· ·· ··	·· ·· ·· ·· ·· ··	··	··	·· ··
··	·· ·· ·· ··	·· ·· ·· ·· ·· ··	··	··	·· ··
··	·· ·· ·· ··	·· ·· ·· ·· ·· ··	··	··	·· ··
··	·· ·· ·· ··	·· ·· ·· ·· ·· ··	··	··	·· ··
··	·· ·· ·· ··	·· ·· ·· ·· ·· ··	··	··	·· ··
··	·· ·· ·· ··	·· ·· ·· ·· ·· ··	··	··	·· ··
··	·· ·· ·· ··	·· ·· ·· ·· ·· ··	··	··	·· ··
··	·· ·· ·· ··	·· ·· ·· ·· ·· ··	··	··	·· ··
··	·· ·· ·· ··	·· ·· ·· ·· ·· ··	··	··	·· ··
··	·· ·· ·· ··	·· ·· ·· ·· ·· ··	··	··	·· ··
··	·· ·· ·· ··	·· ·· ·· ·· ·· ··	··	··	·· ··
··	·· ·· ·· ··	·· ·· ·· ·· ·· ··	··	··	·· ··
··	·· ·· ·· ··	·· ·· ·· ·· ·· ··	··	··	·· ··
··	·· ·· ·· ··	·· ·· ·· ·· ·· ··	··	··	·· ··
··	·· ·· ·· ··	·· ·· ·· ·· ·· ··	··	··	·· ··
··	·· ·· ·· ··	·· ·· ·· ·· ·· ··	··	··	·· ··
··	·· ·· ·· ··	·· ·· ·· ·· ·· ··	··	··	·· ··
··	·· ·· ·· ··	·· ·· ·· ·· ·· ··	··	··	·· ··
··	·· ·· ·· ··	·· ·· ·· ·· ·· ··	··	··	·· ··
··	·· ·· ·· ··	·· ·· ·· ·· ·· ··	··	··	·· ··
··	·· ·· ·· ··	·· ·· ·· ·· ·· ··	··	··	·· ··
··	·· ·· ·· ··	·· ·· ·· ·· ·· ··	··	··	·· ··
··	·· ·· ·· ··	·· ·· ·· ·· ·· ··	··	··	·· ··
··	·· ·· ·· ··	·· ·· ·· ·· ·· ··	··	··	·· ··
··	·· ·· ·· ··	·· ·· ·· ·· ·· ··	··	··	·· ··
··	·· ·· ·· ··	·· ·· ·· ·· ·· ··	··	··	·· ··
··	·· ·· ·· ··	·· ·· ·· ·· ·· ··	··	··	·· ··
··	·· ·· ·· ··	·· ·· ·· ·· ·· ··	··	··	·· ··
··	·· ·· ·· ··	·· ·· ·· ·· ·· ··	··	··	·· ··
··	·· ·· ·· ··	·· ·· ·· ·· ·· ··	··	··	·· ··
··	·· ·· ·· ··	·· ·· ·· ·· ·· ··	··	··	·· ··
··	·· ·· ·· ··	·· ·· ·· ·· ·· ··	··	··	·· ··
··	·· ·· ·· ··	·· ·· ·· ·· ·· ··	··	··	·· ··
··	·· ·· ·· ··	·· ·· ·· ·· ·· ··	··	··	·· ··
··	·· ·· ·· ··	·· ·· ·· ·· ·· ··	··	··	·· ··
··	·· ·· ·· ··	·· ·· ·· ·· ·· ··	··	··	·· ··
··	·· ·· ·· ··	·· ·· ·· ·· ·· ··	··	··	·· ··
··	·· ·· ·· ··	·· ·· ·· ·· ·· ··	··	··	·· ··
··	·· ·· ·· ··	·· ·· ·· ·· ·· ··	··	··	·· ··
··	·· ·· ·· ··	·· ·· ·· ·· ·· ··	··	··	·· ··
··	·· ·· ·· ··	·· ·· ·· ·· ·· ··	··	··	·· ··
··	·· ·· ·· ··	·· ·· ·· ·· ·· ··	··	··	·· ··
··	·· ·· ·· ··	·· ·· ·· ·· ·· ··	··	··	·· ··
··	·· ·· ·· ··	·· ·· ·· ·· ·· ··	··	··	·· ··
··	·· ·· ·· ··	·· ·· ·· ·· ·· ··	··	··	·· ··
··	·· ·· ·· ··	·· ·· ·· ·· ·· ··	··	··	·· ··
··	·· ·· ·· ··	·· ·· ·· ·· ·· ··	··	··	·· ··
··	·· ·· ·· ··	·· ·· ·· ·· ·· ··	··	··	·· ··
··	·· ·· ·· ··	·· ·· ·· ·· ·· ··	··	··	·· ··
··	·· ·· ·· ··	·· ·· ·· ·· ·· ··	··	··	·· ··
··	·· ·· ·· ··	·· ·· ·· ·· ·· ··	··	··	·· ··
··	·· ·· ·· ··	·· ·· ·· ·· ·· ··	··	··	·· ··
··	·· ·· ·· ··	·· ·· ·· ·· ·· ··	··	··	·· ··
··	·· ·· ·· ··	·· ·· ·· ·· ·· ··	··	··	·· ··
··	·· ·· ·· ··	·· ·· ·· ·· ·· ··	··	··	·· ··
··	·· ·· ·· ··	·· ·· ·· ·· ·· ··	··	··	·· ··
··	·· ·· ·· ··	·· ·· ·· ·· ·· ··	··	··	·· ··
··	·· ·· ·· ··	·· ·· ·· ·· ·· ··	··	··	·· ··
··	·· ·· ·· ··	·· ·· ·· ·· ·· ··	··	··	·· ··
··	·· ·· ·· ··	·· ·· ·· ·· ·· ··	··	··	·· ··
（下转A42版）
